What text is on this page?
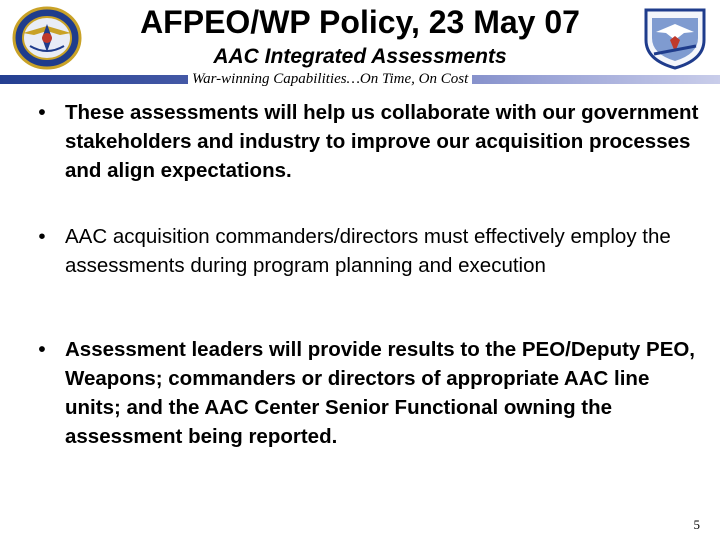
AFPEO/WP Policy, 23 May 07
AAC Integrated Assessments
War-winning Capabilities…On Time, On Cost
• These assessments will help us collaborate with our government stakeholders and industry to improve our acquisition processes and align expectations.
• AAC acquisition commanders/directors must effectively employ the assessments during program planning and execution
• Assessment leaders will provide results to the PEO/Deputy PEO, Weapons; commanders or directors of appropriate AAC line units; and the AAC Center Senior Functional owning the assessment being reported.
5
